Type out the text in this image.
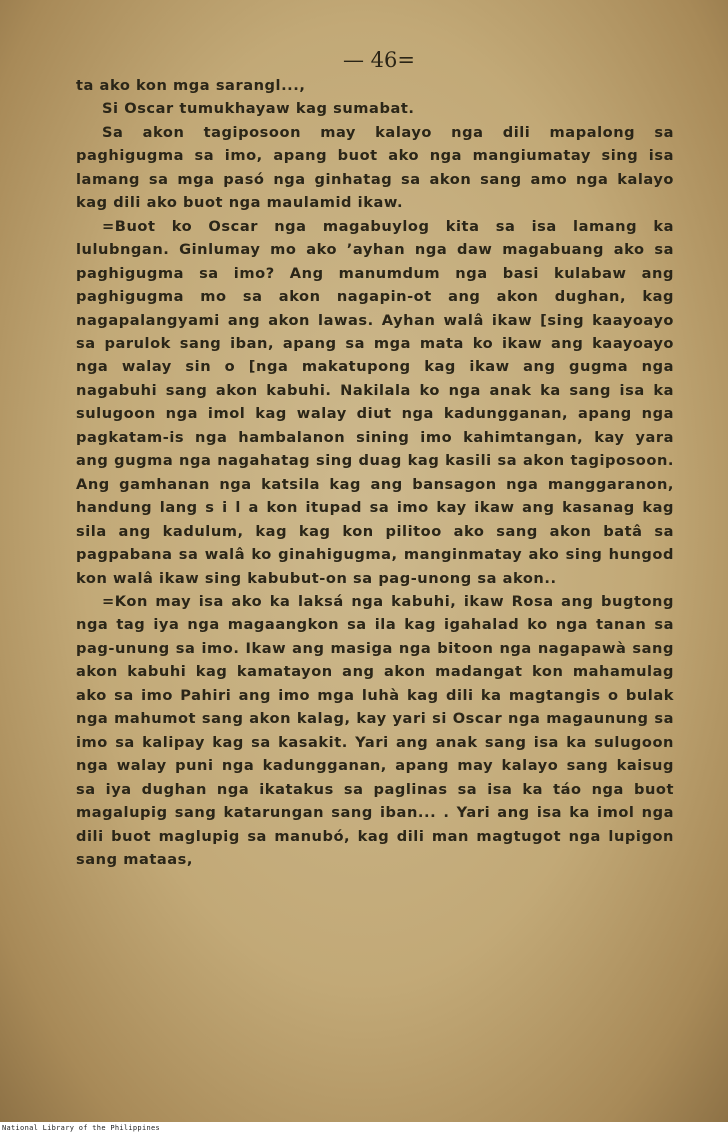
— 46=

ta ako kon mga sarangl...,

Si Oscar tumukhayaw kag sumabat.

Sa akon tagiposoon may kalayo nga dili mapalong sa paghigugma sa imo, apang buot ako nga mangiumatay sing isa lamang sa mga pasó nga ginhatag sa akon sang amo nga kalayo kag dili ako buot nga maulamid ikaw.

=Buot ko Oscar nga magabuylog kita sa isa lamang ka lulubngan. Ginlumay mo ako ’ayhan nga daw magabuang ako sa paghigugma sa imo? Ang manumdum nga basi kulabaw ang paghigugma mo sa akon nagapin-ot ang akon dughan, kag nagapalangyami ang akon lawas. Ayhan walâ ikaw [sing kaayoayo sa parulok sang iban, apang sa mga mata ko ikaw ang kaayoayo nga walay sin o [nga makatupong kag ikaw ang gugma nga nagabuhi sang akon kabuhi. Nakilala ko nga anak ka sang isa ka sulugoon nga imol kag walay diut nga kadungganan, apang nga pagkatam-is nga hambalanon sining imo kahimtangan, kay yara ang gugma nga nagahatag sing duag kag kasili sa akon tagiposoon. Ang gamhanan nga katsila kag ang bansagon nga manggaranon, handung lang s i l a kon itupad sa imo kay ikaw ang kasanag kag sila ang kadulum, kag kag kon pilitoo ako sang akon batâ sa pagpabana sa walâ ko ginahigugma, manginmatay ako sing hungod kon walâ ikaw sing kabubut-on sa pag-unong sa akon..

=Kon may isa ako ka laksá nga kabuhi, ikaw Rosa ang bugtong nga tag iya nga magaangkon sa ila kag igahalad ko nga tanan sa pag-unung sa imo. Ikaw ang masiga nga bitoon nga nagapawà sang akon kabuhi kag kamatayon ang akon madangat kon mahamulag ako sa imo Pahiri ang imo mga luhà kag dili ka magtangis o bulak nga mahumot sang akon kalag, kay yari si Oscar nga magaunung sa imo sa kalipay kag sa kasakit. Yari ang anak sang isa ka sulugoon nga walay puni nga kadungganan, apang may kalayo sang kaisug sa iya dughan nga ikatakus sa paglinas sa isa ka táo nga buot magalupig sang katarungan sang iban... . Yari ang isa ka imol nga dili buot maglupig sa manubó, kag dili man magtugot nga lupigon sang mataas,

National Library of the Philippines
